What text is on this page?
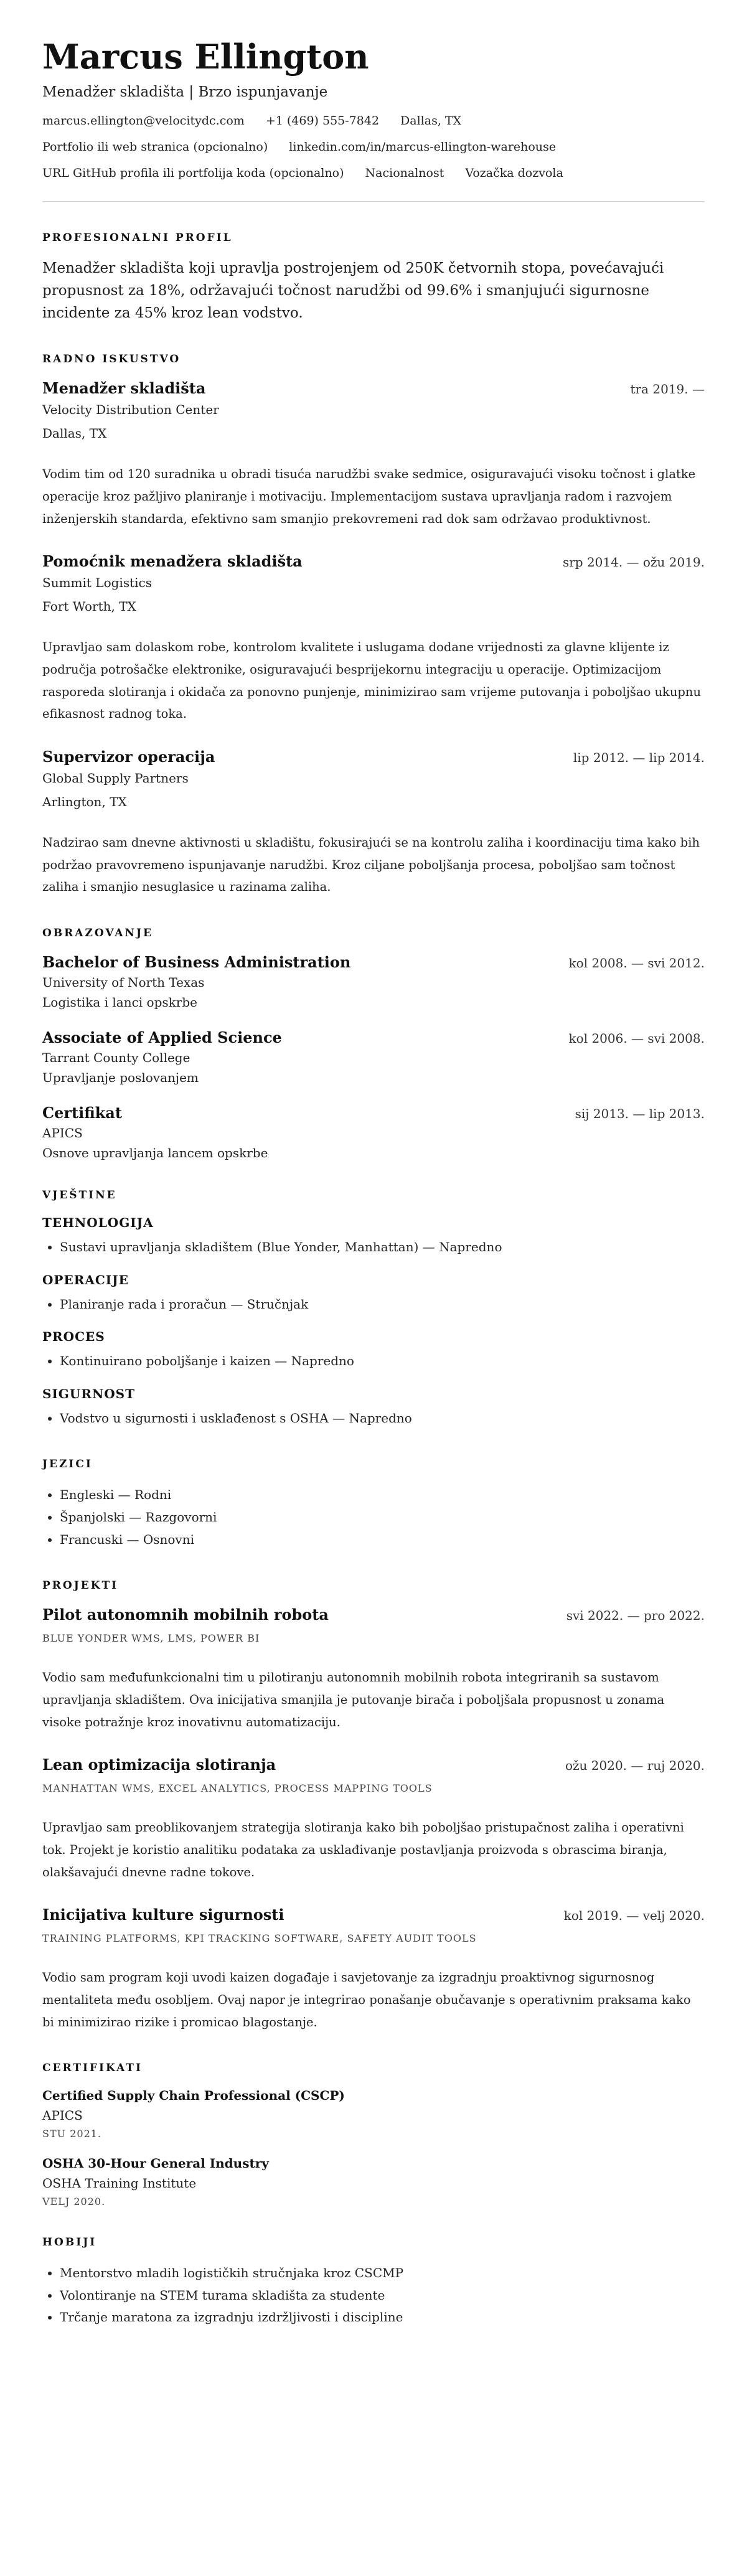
Marcus Ellington
Menadžer skladišta | Brzo ispunjavanje
marcus.ellington@velocitydc.com +1 (469) 555-7842 Dallas, TX
Portfolio ili web stranica (opcionalno) linkedin.com/in/marcus-ellington-warehouse
URL GitHub profila ili portfolija koda (opcionalno) Nacionalnost Vozačka dozvola
PROFESIONALNI PROFIL

Menadžer skladišta koji upravlja postrojenjem od 250K četvornih stopa, povećavajući propusnost za 18%, održavajući točnost narudžbi od 99.6% i smanjujući sigurnosne incidente za 45% kroz lean vodstvo.

RADNO ISKUSTVO
Menadžer skladišta	tra 2019. —
Velocity Distribution Center
Dallas, TX

Vodim tim od 120 suradnika u obradi tisuća narudžbi svake sedmice, osiguravajući visoku točnost i glatke operacije kroz pažljivo planiranje i motivaciju. Implementacijom sustava upravljanja radom i razvojem inženjerskih standarda, efektivno sam smanjio prekovremeni rad dok sam održavao produktivnost.

Pomoćnik menadžera skladišta	srp 2014. — ožu 2019.
Summit Logistics
Fort Worth, TX

Upravljao sam dolaskom robe, kontrolom kvalitete i uslugama dodane vrijednosti za glavne klijente iz područja potrošačke elektronike, osiguravajući besprijekornu integraciju u operacije. Optimizacijom rasporeda slotiranja i okidača za ponovno punjenje, minimizirao sam vrijeme putovanja i poboljšao ukupnu efikasnost radnog toka.

Supervizor operacija	lip 2012. — lip 2014.
Global Supply Partners
Arlington, TX

Nadzirao sam dnevne aktivnosti u skladištu, fokusirajući se na kontrolu zaliha i koordinaciju tima kako bih podržao pravovremeno ispunjavanje narudžbi. Kroz ciljane poboljšanja procesa, poboljšao sam točnost zaliha i smanjio nesuglasice u razinama zaliha.

OBRAZOVANJE
Bachelor of Business Administration	kol 2008. — svi 2012.
University of North Texas
Logistika i lanci opskrbe
Associate of Applied Science	kol 2006. — svi 2008.
Tarrant County College
Upravljanje poslovanjem
Certifikat	sij 2013. — lip 2013.
APICS
Osnove upravljanja lancem opskrbe
VJEŠTINE
TEHNOLOGIJA
• Sustavi upravljanja skladištem (Blue Yonder, Manhattan) — Napredno
OPERACIJE
• Planiranje rada i proračun — Stručnjak
PROCES
• Kontinuirano poboljšanje i kaizen — Napredno
SIGURNOST
• Vodstvo u sigurnosti i usklađenost s OSHA — Napredno
JEZICI
• Engleski — Rodni
• Španjolski — Razgovorni
• Francuski — Osnovni
PROJEKTI
Pilot autonomnih mobilnih robota	svi 2022. — pro 2022.
BLUE YONDER WMS, LMS, POWER BI

Vodio sam međufunkcionalni tim u pilotiranju autonomnih mobilnih robota integriranih sa sustavom upravljanja skladištem. Ova inicijativa smanjila je putovanje birača i poboljšala propusnost u zonama visoke potražnje kroz inovativnu automatizaciju.

Lean optimizacija slotiranja	ožu 2020. — ruj 2020.
MANHATTAN WMS, EXCEL ANALYTICS, PROCESS MAPPING TOOLS

Upravljao sam preoblikovanjem strategija slotiranja kako bih poboljšao pristupačnost zaliha i operativni tok. Projekt je koristio analitiku podataka za usklađivanje postavljanja proizvoda s obrascima biranja, olakšavajući dnevne radne tokove.

Inicijativa kulture sigurnosti	kol 2019. — velj 2020.
TRAINING PLATFORMS, KPI TRACKING SOFTWARE, SAFETY AUDIT TOOLS

Vodio sam program koji uvodi kaizen događaje i savjetovanje za izgradnju proaktivnog sigurnosnog mentaliteta među osobljem. Ovaj napor je integrirao ponašanje obučavanje s operativnim praksama kako bi minimizirao rizike i promicao blagostanje.

CERTIFIKATI
Certified Supply Chain Professional (CSCP)
APICS
STU 2021.
OSHA 30-Hour General Industry
OSHA Training Institute
VELJ 2020.
HOBIJI
• Mentorstvo mladih logističkih stručnjaka kroz CSCMP
• Volontiranje na STEM turama skladišta za studente
• Trčanje maratona za izgradnju izdržljivosti i discipline
